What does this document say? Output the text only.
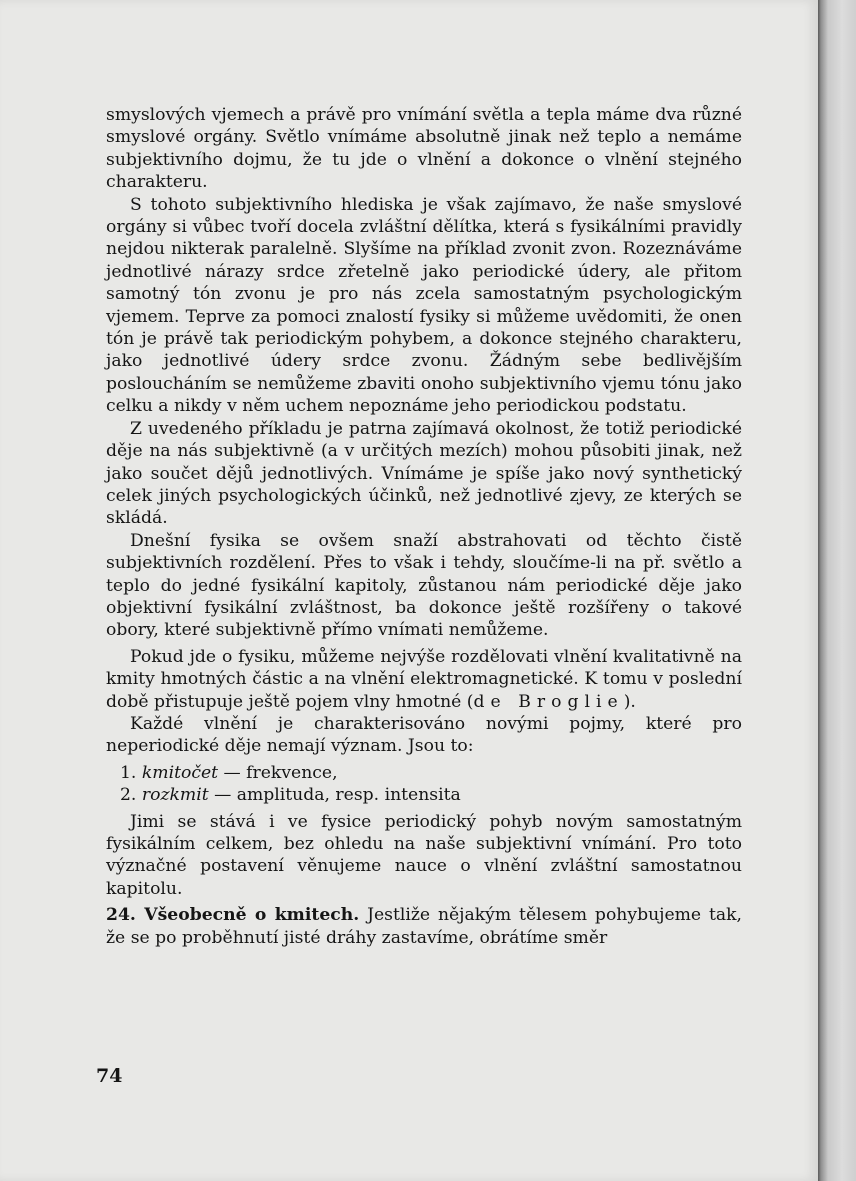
smyslových vjemech a právě pro vnímání světla a tepla máme dva různé smyslové orgány. Světlo vnímáme absolutně jinak než teplo a nemáme subjektivního dojmu, že tu jde o vlnění a dokonce o vlnění stejného charakteru.

S tohoto subjektivního hlediska je však zajímavo, že naše smyslové orgány si vůbec tvoří docela zvláštní dělítka, která s fysikálními pravidly nejdou nikterak paralelně. Slyšíme na příklad zvonit zvon. Rozeznáváme jednotlivé nárazy srdce zřetelně jako periodické údery, ale přitom samotný tón zvonu je pro nás zcela samostatným psychologickým vjemem. Teprve za pomoci znalostí fysiky si můžeme uvědomiti, že onen tón je právě tak periodickým pohybem, a dokonce stejného charakteru, jako jednotlivé údery srdce zvonu. Žádným sebe bedlivějším posloucháním se nemůžeme zbaviti onoho subjektivního vjemu tónu jako celku a nikdy v něm uchem nepoznáme jeho periodickou podstatu.

Z uvedeného příkladu je patrna zajímavá okolnost, že totiž periodické děje na nás subjektivně (a v určitých mezích) mohou působiti jinak, než jako součet dějů jednotlivých. Vnímáme je spíše jako nový synthetický celek jiných psychologických účinků, než jednotlivé zjevy, ze kterých se skládá.

Dnešní fysika se ovšem snaží abstrahovati od těchto čistě subjektivních rozdělení. Přes to však i tehdy, sloučíme-li na př. světlo a teplo do jedné fysikální kapitoly, zůstanou nám periodické děje jako objektivní fysikální zvláštnost, ba dokonce ještě rozšířeny o takové obory, které subjektivně přímo vnímati nemůžeme.

Pokud jde o fysiku, můžeme nejvýše rozdělovati vlnění kvalitativně na kmity hmotných částic a na vlnění elektromagnetické. K tomu v poslední době přistupuje ještě pojem vlny hmotné (de Broglie).

Každé vlnění je charakterisováno novými pojmy, které pro neperiodické děje nemají význam. Jsou to:

1. kmitočet — frekvence,
2. rozkmit — amplituda, resp. intensita

Jimi se stává i ve fysice periodický pohyb novým samostatným fysikálním celkem, bez ohledu na naše subjektivní vnímání. Pro toto význačné postavení věnujeme nauce o vlnění zvláštní samostatnou kapitolu.

24. Všeobecně o kmitech. Jestliže nějakým tělesem pohybujeme tak, že se po proběhnutí jisté dráhy zastavíme, obrátíme směr

74
